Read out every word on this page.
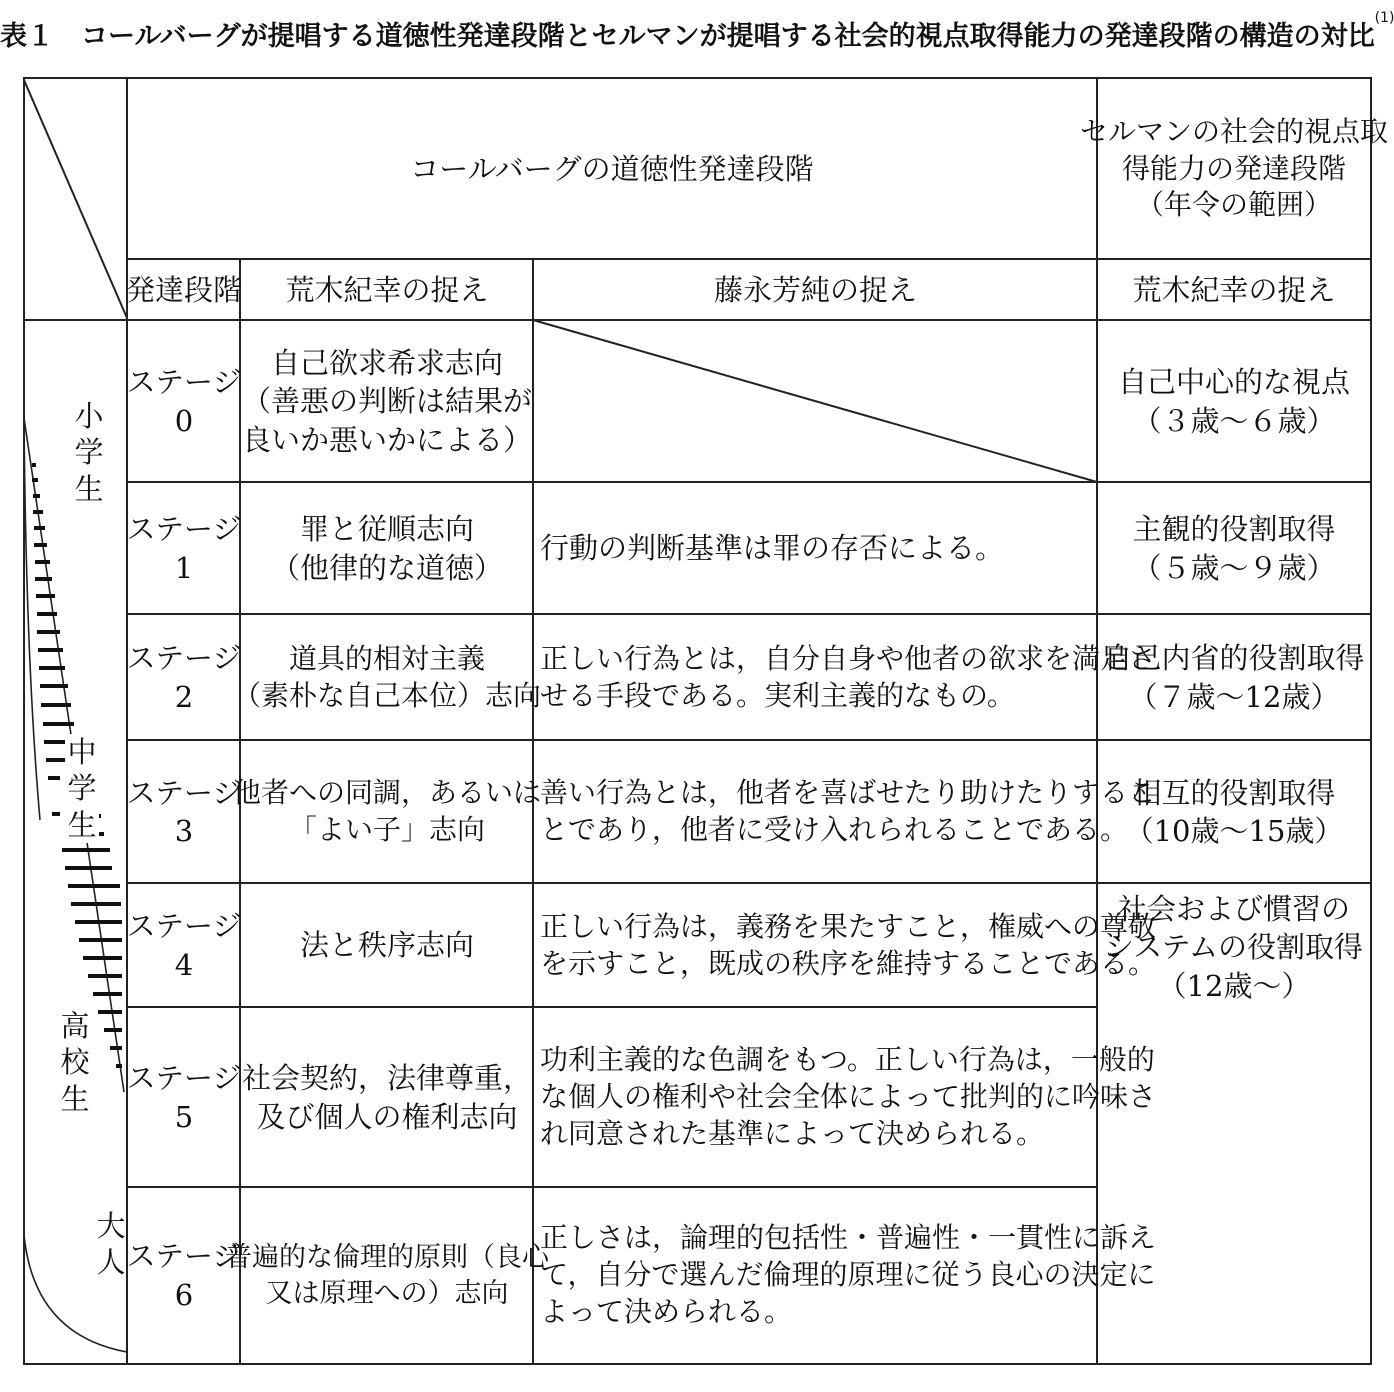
表１　コールバーグが提唱する道徳性発達段階とセルマンが提唱する社会的視点取得能力の発達段階の構造の対比$^{(1)}$
小
学
生
中
学
生
高
校
生
大
人
コールバーグの道徳性発達段階
セルマンの社会的視点取
得能力の発達段階
（年令の範囲）
発達段階 荒木紀幸の捉え	藤永芳純の捉え	荒木紀幸の捉え
ステージ
0
自己欲求希求志向
（善悪の判断は結果が
良いか悪いかによる）
自己中心的な視点
（３歳～６歳）
ステージ
1
罪と従順志向
（他律的な道徳）
行動の判断基準は罪の存否による。
主観的役割取得
（５歳～９歳）
ステージ
2
道具的相対主義
（素朴な自己本位）志向
正しい行為とは，自分自身や他者の欲求を満足さ
せる手段である。実利主義的なもの。
自己内省的役割取得
（７歳～12歳）
ステージ
3
他者への同調，あるいは
「よい子」志向
善い行為とは，他者を喜ばせたり助けたりするこ
とであり，他者に受け入れられることである。
相互的役割取得
（10歳～15歳）
ステージ
4
法と秩序志向
正しい行為は，義務を果たすこと，権威への尊敬
を示すこと，既成の秩序を維持することである。
社会および慣習の
システムの役割取得
（12歳～）
ステージ
5
社会契約，法律尊重，
及び個人の権利志向
功利主義的な色調をもつ。正しい行為は，一般的
な個人の権利や社会全体によって批判的に吟味さ
れ同意された基準によって決められる。
ステージ
6
普遍的な倫理的原則（良心
又は原理への）志向
正しさは，論理的包括性・普遍性・一貫性に訴え
て，自分で選んだ倫理的原理に従う良心の決定に
よって決められる。
